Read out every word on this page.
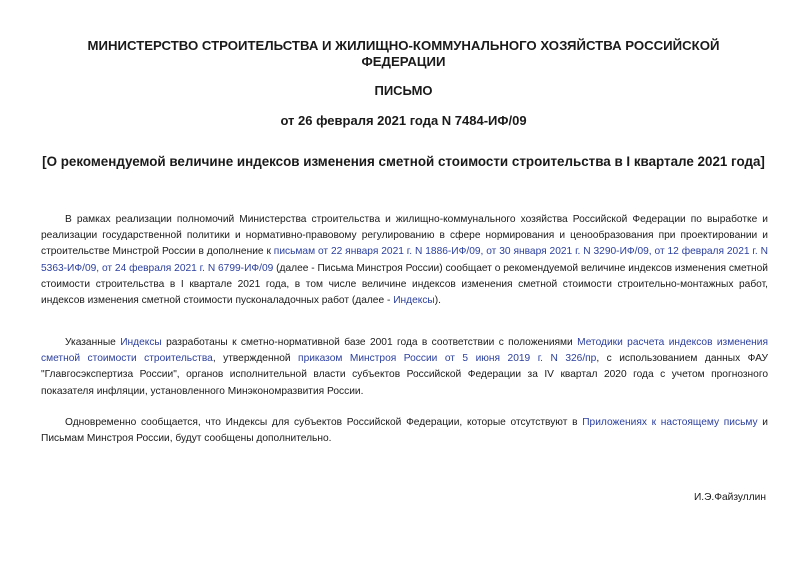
МИНИСТЕРСТВО СТРОИТЕЛЬСТВА И ЖИЛИЩНО-КОММУНАЛЬНОГО ХОЗЯЙСТВА РОССИЙСКОЙ ФЕДЕРАЦИИ
ПИСЬМО
от 26 февраля 2021 года N 7484-ИФ/09
[О рекомендуемой величине индексов изменения сметной стоимости строительства в I квартале 2021 года]

В рамках реализации полномочий Министерства строительства и жилищно-коммунального хозяйства Российской Федерации по выработке и реализации государственной политики и нормативно-правовому регулированию в сфере нормирования и ценообразования при проектировании и строительстве Минстрой России в дополнение к письмам от 22 января 2021 г. N 1886-ИФ/09, от 30 января 2021 г. N 3290-ИФ/09, от 12 февраля 2021 г. N 5363-ИФ/09, от 24 февраля 2021 г. N 6799-ИФ/09 (далее - Письма Минстроя России) сообщает о рекомендуемой величине индексов изменения сметной стоимости строительства в I квартале 2021 года, в том числе величине индексов изменения сметной стоимости строительно-монтажных работ, индексов изменения сметной стоимости пусконаладочных работ (далее - Индексы).

Указанные Индексы разработаны к сметно-нормативной базе 2001 года в соответствии с положениями Методики расчета индексов изменения сметной стоимости строительства, утвержденной приказом Минстроя России от 5 июня 2019 г. N 326/пр, с использованием данных ФАУ "Главгосэкспертиза России", органов исполнительной власти субъектов Российской Федерации за IV квартал 2020 года с учетом прогнозного показателя инфляции, установленного Минэкономразвития России.

Одновременно сообщается, что Индексы для субъектов Российской Федерации, которые отсутствуют в Приложениях к настоящему письму и Письмам Минстроя России, будут сообщены дополнительно.

И.Э.Файзуллин
